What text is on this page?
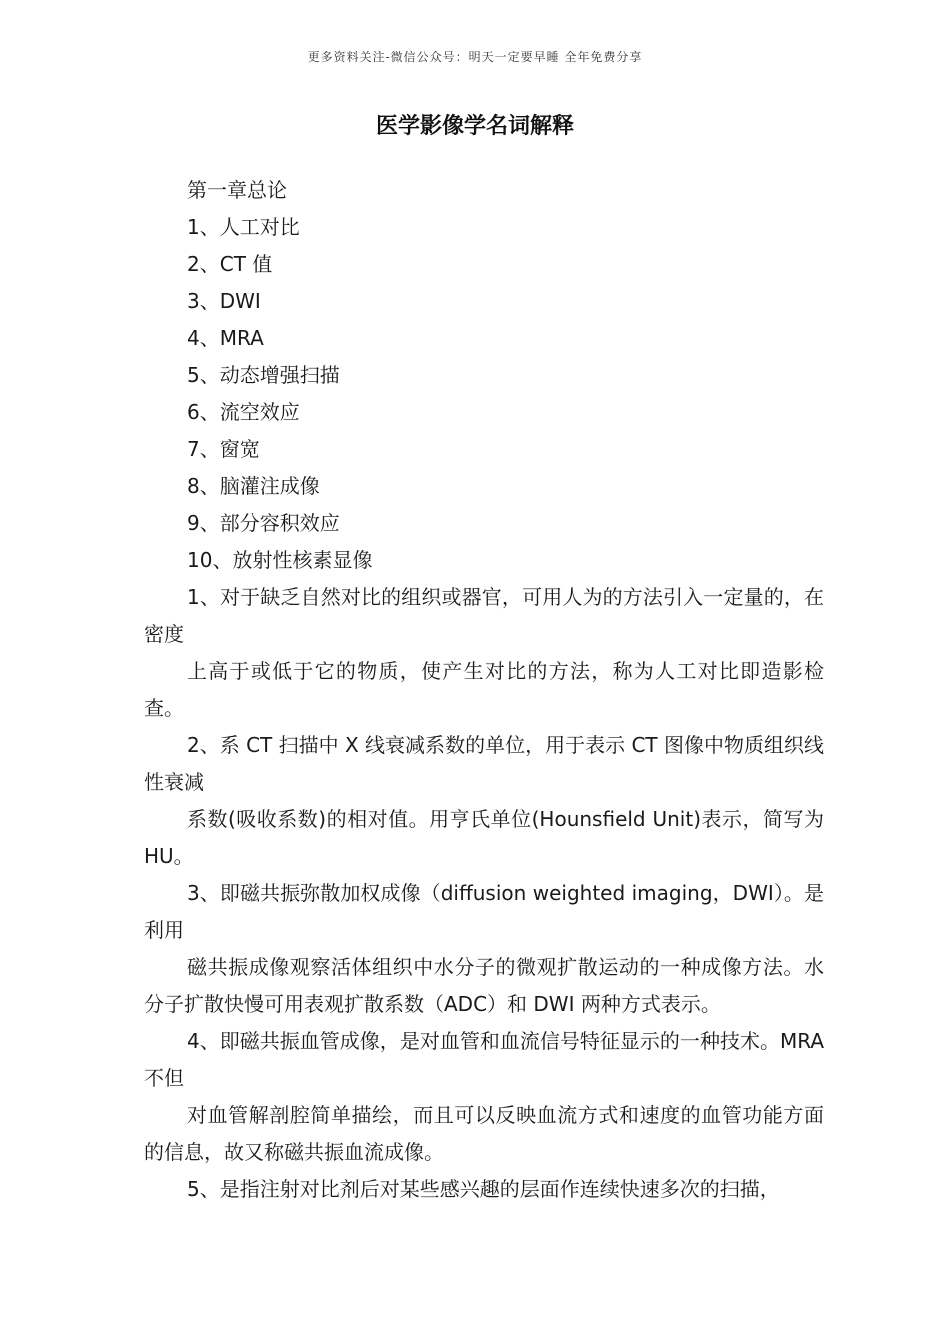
更多资料关注-微信公众号：明天一定要早睡 全年免费分享
医学影像学名词解释
第一章总论
1、人工对比
2、CT 值
3、DWI
4、MRA
5、动态增强扫描
6、流空效应
7、窗宽
8、脑灌注成像
9、部分容积效应
10、放射性核素显像
1、对于缺乏自然对比的组织或器官，可用人为的方法引入一定量的，在密度
上高于或低于它的物质，使产生对比的方法，称为人工对比即造影检查。
2、系 CT 扫描中 X 线衰减系数的单位，用于表示 CT 图像中物质组织线性衰减
系数(吸收系数)的相对值。用亨氏单位(Hounsfield Unit)表示，简写为 HU。
3、即磁共振弥散加权成像（diffusion weighted imaging，DWI）。是利用
磁共振成像观察活体组织中水分子的微观扩散运动的一种成像方法。水分子扩散快慢可用表观扩散系数（ADC）和 DWI 两种方式表示。
4、即磁共振血管成像，是对血管和血流信号特征显示的一种技术。MRA 不但
对血管解剖腔简单描绘，而且可以反映血流方式和速度的血管功能方面的信息，故又称磁共振血流成像。
5、是指注射对比剂后对某些感兴趣的层面作连续快速多次的扫描，
